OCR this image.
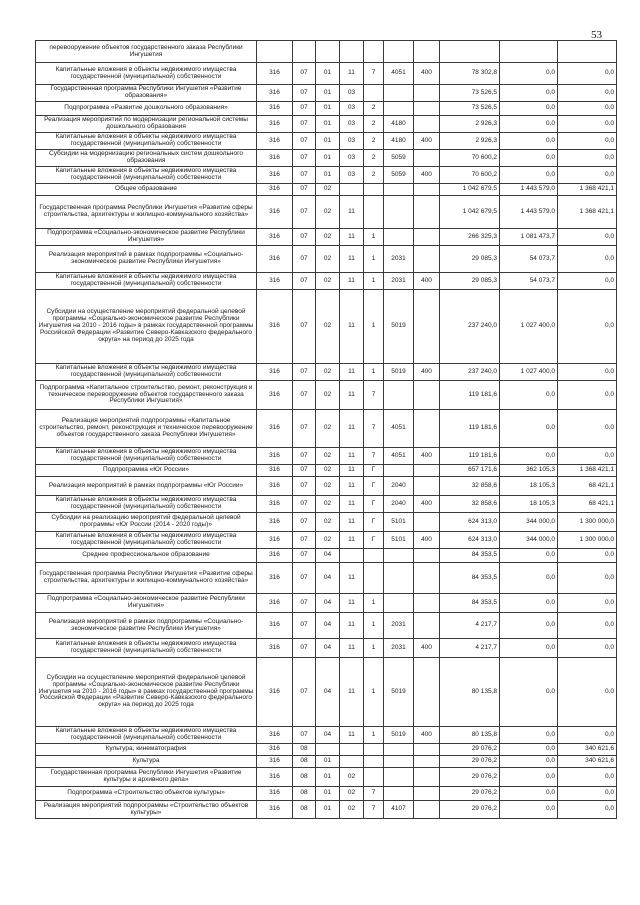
53
перевооружение объектов государственного заказа Республики Ингушетия										
Капитальные вложения в объекты недвижимого имущества государственной (муниципальной) собственности	316	07	01	11	7	4051	400	78 302,8	0,0	0,0
Государственная программа Республики Ингушетия «Развитие образования»	316	07	01	03				73 526,5	0,0	0,0
Подпрограмма «Развитие дошкольного образования»	316	07	01	03	2			73 526,5	0,0	0,0
Реализация мероприятий по модернизации региональной системы дошкольного образования	316	07	01	03	2	4180		2 926,3	0,0	0,0
Капитальные вложения в объекты недвижимого имущества государственной (муниципальной) собственности	316	07	01	03	2	4180	400	2 926,3	0,0	0,0
Субсидии на модернизацию региональных систем дошкольного образования	316	07	01	03	2	5059		70 600,2	0,0	0,0
Капитальные вложения в объекты недвижимого имущества государственной (муниципальной) собственности	316	07	01	03	2	5059	400	70 600,2	0,0	0,0
Общее образование	316	07	02					1 042 679,5	1 443 579,0	1 368 421,1
Государственная программа Республики Ингушетия «Развитие сферы строительства, архитектуры и жилищно-коммунального хозяйства»	316	07	02	11				1 042 679,5	1 443 579,0	1 368 421,1
Подпрограмма «Социально-экономическое развитие Республики Ингушетия»	316	07	02	11	1			266 325,3	1 081 473,7	0,0
Реализация мероприятий в рамках подпрограммы «Социально-экономическое развитие Республики Ингушетия»	316	07	02	11	1	2031		29 085,3	54 073,7	0,0
Капитальные вложения в объекты недвижимого имущества государственной (муниципальной) собственности	316	07	02	11	1	2031	400	29 085,3	54 073,7	0,0
Субсидии на осуществление мероприятий федеральной целевой программы «Социально-экономическое развитие Республики Ингушетия на 2010 - 2016 годы» в рамках государственной программы Российской Федерации «Развитие Северо-Кавказского федерального округа» на период до 2025 года	316	07	02	11	1	5019		237 240,0	1 027 400,0	0,0
Капитальные вложения в объекты недвижимого имущества государственной (муниципальной) собственности	316	07	02	11	1	5019	400	237 240,0	1 027 400,0	0,0
Подпрограмма «Капитальное строительство, ремонт, реконструкция и техническое перевооружение объектов государственного заказа Республики Ингушетия»	316	07	02	11	7			119 181,6	0,0	0,0
Реализация мероприятий подпрограммы «Капитальное строительство, ремонт, реконструкция и техническое перевооружение объектов государственного заказа Республики Ингушетия»	316	07	02	11	7	4051		119 181,6	0,0	0,0
Капитальные вложения в объекты недвижимого имущества государственной (муниципальной) собственности	316	07	02	11	7	4051	400	119 181,6	0,0	0,0
Подпрограмма «Юг России»	316	07	02	11	Г			657 171,6	362 105,3	1 368 421,1
Реализация мероприятий в рамках подпрограммы «Юг России»	316	07	02	11	Г	2040		32 858,6	18 105,3	68 421,1
Капитальные вложения в объекты недвижимого имущества государственной (муниципальной) собственности	316	07	02	11	Г	2040	400	32 858,6	18 105,3	68 421,1
Субсидии на реализацию мероприятий федеральной целевой программы «Юг России (2014 - 2020 годы)»	316	07	02	11	Г	5101		624 313,0	344 000,0	1 300 000,0
Капитальные вложения в объекты недвижимого имущества государственной (муниципальной) собственности	316	07	02	11	Г	5101	400	624 313,0	344 000,0	1 300 000,0
Среднее профессиональное образование	316	07	04					84 353,5	0,0	0,0
Государственная программа Республики Ингушетия «Развитие сферы строительства, архитектуры и жилищно-коммунального хозяйства»	316	07	04	11				84 353,5	0,0	0,0
Подпрограмма «Социально-экономическое развитие Республики Ингушетия»	316	07	04	11	1			84 353,5	0,0	0,0
Реализация мероприятий в рамках подпрограммы «Социально-экономическое развитие Республики Ингушетия»	316	07	04	11	1	2031		4 217,7	0,0	0,0
Капитальные вложения в объекты недвижимого имущества государственной (муниципальной) собственности	316	07	04	11	1	2031	400	4 217,7	0,0	0,0
Субсидии на осуществление мероприятий федеральной целевой программы «Социально-экономическое развитие Республики Ингушетия на 2010 - 2016 годы» в рамках государственной программы Российской Федерации «Развитие Северо-Кавказского федерального округа» на период до 2025 года	316	07	04	11	1	5019		80 135,8	0,0	0,0
Капитальные вложения в объекты недвижимого имущества государственной (муниципальной) собственности	316	07	04	11	1	5019	400	80 135,8	0,0	0,0
Культура, кинематография	316	08						29 076,2	0,0	340 621,6
Культура	316	08	01					29 076,2	0,0	340 621,6
Государственная программа Республики Ингушетия «Развитие культуры и архивного дела»	316	08	01	02				29 076,2	0,0	0,0
Подпрограмма «Строительство объектов культуры»	316	08	01	02	7			29 076,2	0,0	0,0
Реализация мероприятий подпрограммы «Строительство объектов культуры»	316	08	01	02	7	4107		29 076,2	0,0	0,0
